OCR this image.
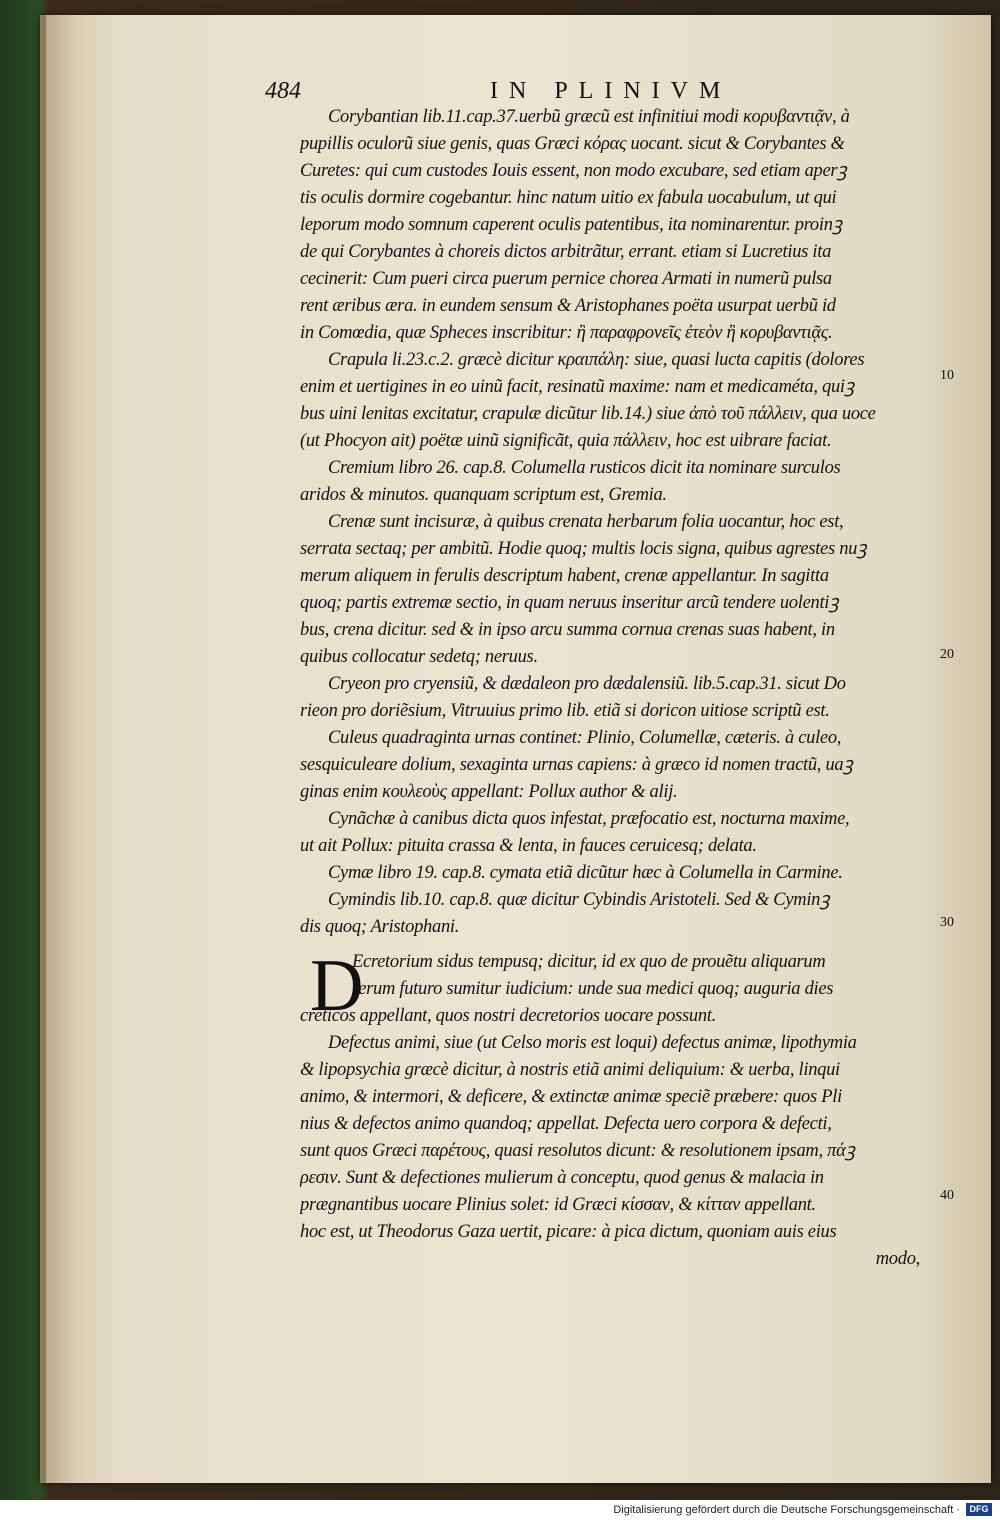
484	IN PLINIVM
Corybantian lib.11.cap.37.uerbũ græcũ est infinitiui modi κορυβαντιᾷν, à
pupillis oculorũ siue genis, quas Græci κόρας uocant. sicut & Corybantes &
Curetes: qui cum custodes Iouis essent, non modo excubare, sed etiam aperꝫ
tis oculis dormire cogebantur. hinc natum uitio ex fabula uocabulum, ut qui
leporum modo somnum caperent oculis patentibus, ita nominarentur. proinꝫ
de qui Corybantes à choreis dictos arbitrãtur, errant. etiam si Lucretius ita
cecinerit: Cum pueri circa puerum pernice chorea Armati in numerũ pulsa
rent æribus æra. in eundem sensum & Aristophanes poëta usurpat uerbũ id
in Comœdia, quæ Spheces inscribitur: ἢ παραφρονεῖς ἐτεὸν ἢ κορυβαντιᾷς.
Crapula li.23.c.2. græcè dicitur κραιπάλη: siue, quasi lucta capitis (dolores
enim et uertigines in eo uinũ facit, resinatũ maxime: nam et medicaméta, quiꝫ
bus uini lenitas excitatur, crapulæ dicũtur lib.14.) siue ἀπὸ τοῦ πάλλειν, qua uoce
(ut Phocyon ait) poëtæ uinũ significãt, quia πάλλειν, hoc est uibrare faciat.
Cremium libro 26. cap.8. Columella rusticos dicit ita nominare surculos
aridos & minutos. quanquam scriptum est, Gremia.
Crenæ sunt incisuræ, à quibus crenata herbarum folia uocantur, hoc est,
serrata sectaq; per ambitũ. Hodie quoq; multis locis signa, quibus agrestes nuꝫ
merum aliquem in ferulis descriptum habent, crenæ appellantur. In sagitta
quoq; partis extremæ sectio, in quam neruus inseritur arcũ tendere uolentiꝫ
bus, crena dicitur. sed & in ipso arcu summa cornua crenas suas habent, in
quibus collocatur sedetq; neruus.
Cryeon pro cryensiũ, & dædaleon pro dædalensiũ. lib.5.cap.31. sicut Do
rieon pro doriẽsium, Vitruuius primo lib. etiã si doricon uitiose scriptũ est.
Culeus quadraginta urnas continet: Plinio, Columellæ, cæteris. à culeo,
sesquiculeare dolium, sexaginta urnas capiens: à græco id nomen tractũ, uaꝫ
ginas enim κουλεοὺς appellant: Pollux author & alij.
Cynãchæ à canibus dicta quos infestat, præfocatio est, nocturna maxime,
ut ait Pollux: pituita crassa & lenta, in fauces ceruicesq; delata.
Cymæ libro 19. cap.8. cymata etiã dicũtur hæc à Columella in Carmine.
Cymindis lib.10. cap.8. quæ dicitur Cybindis Aristoteli. Sed & Cyminꝫ
dis quoq; Aristophani.
D
Ecretorium sidus tempusq; dicitur, id ex quo de prouẽtu aliquarum
rerum futuro sumitur iudicium: unde sua medici quoq; auguria dies
creticos appellant, quos nostri decretorios uocare possunt.
Defectus animi, siue (ut Celso moris est loqui) defectus animæ, lipothymia
& lipopsychia græcè dicitur, à nostris etiã animi deliquium: & uerba, linqui
animo, & intermori, & deficere, & extinctæ animæ speciẽ præbere: quos Pli
nius & defectos animo quandoq; appellat. Defecta uero corpora & defecti,
sunt quos Græci παρέτους, quasi resolutos dicunt: & resolutionem ipsam, πάꝫ
ρεσιν. Sunt & defectiones mulierum à conceptu, quod genus & malacia in
prægnantibus uocare Plinius solet: id Græci κίσσαν, & κίτταν appellant.
hoc est, ut Theodorus Gaza uertit, picare: à pica dictum, quoniam auis eius
modo,
10
20
30
40
Digitalisierung gefördert durch die Deutsche Forschungsgemeinschaft ·	DFG
